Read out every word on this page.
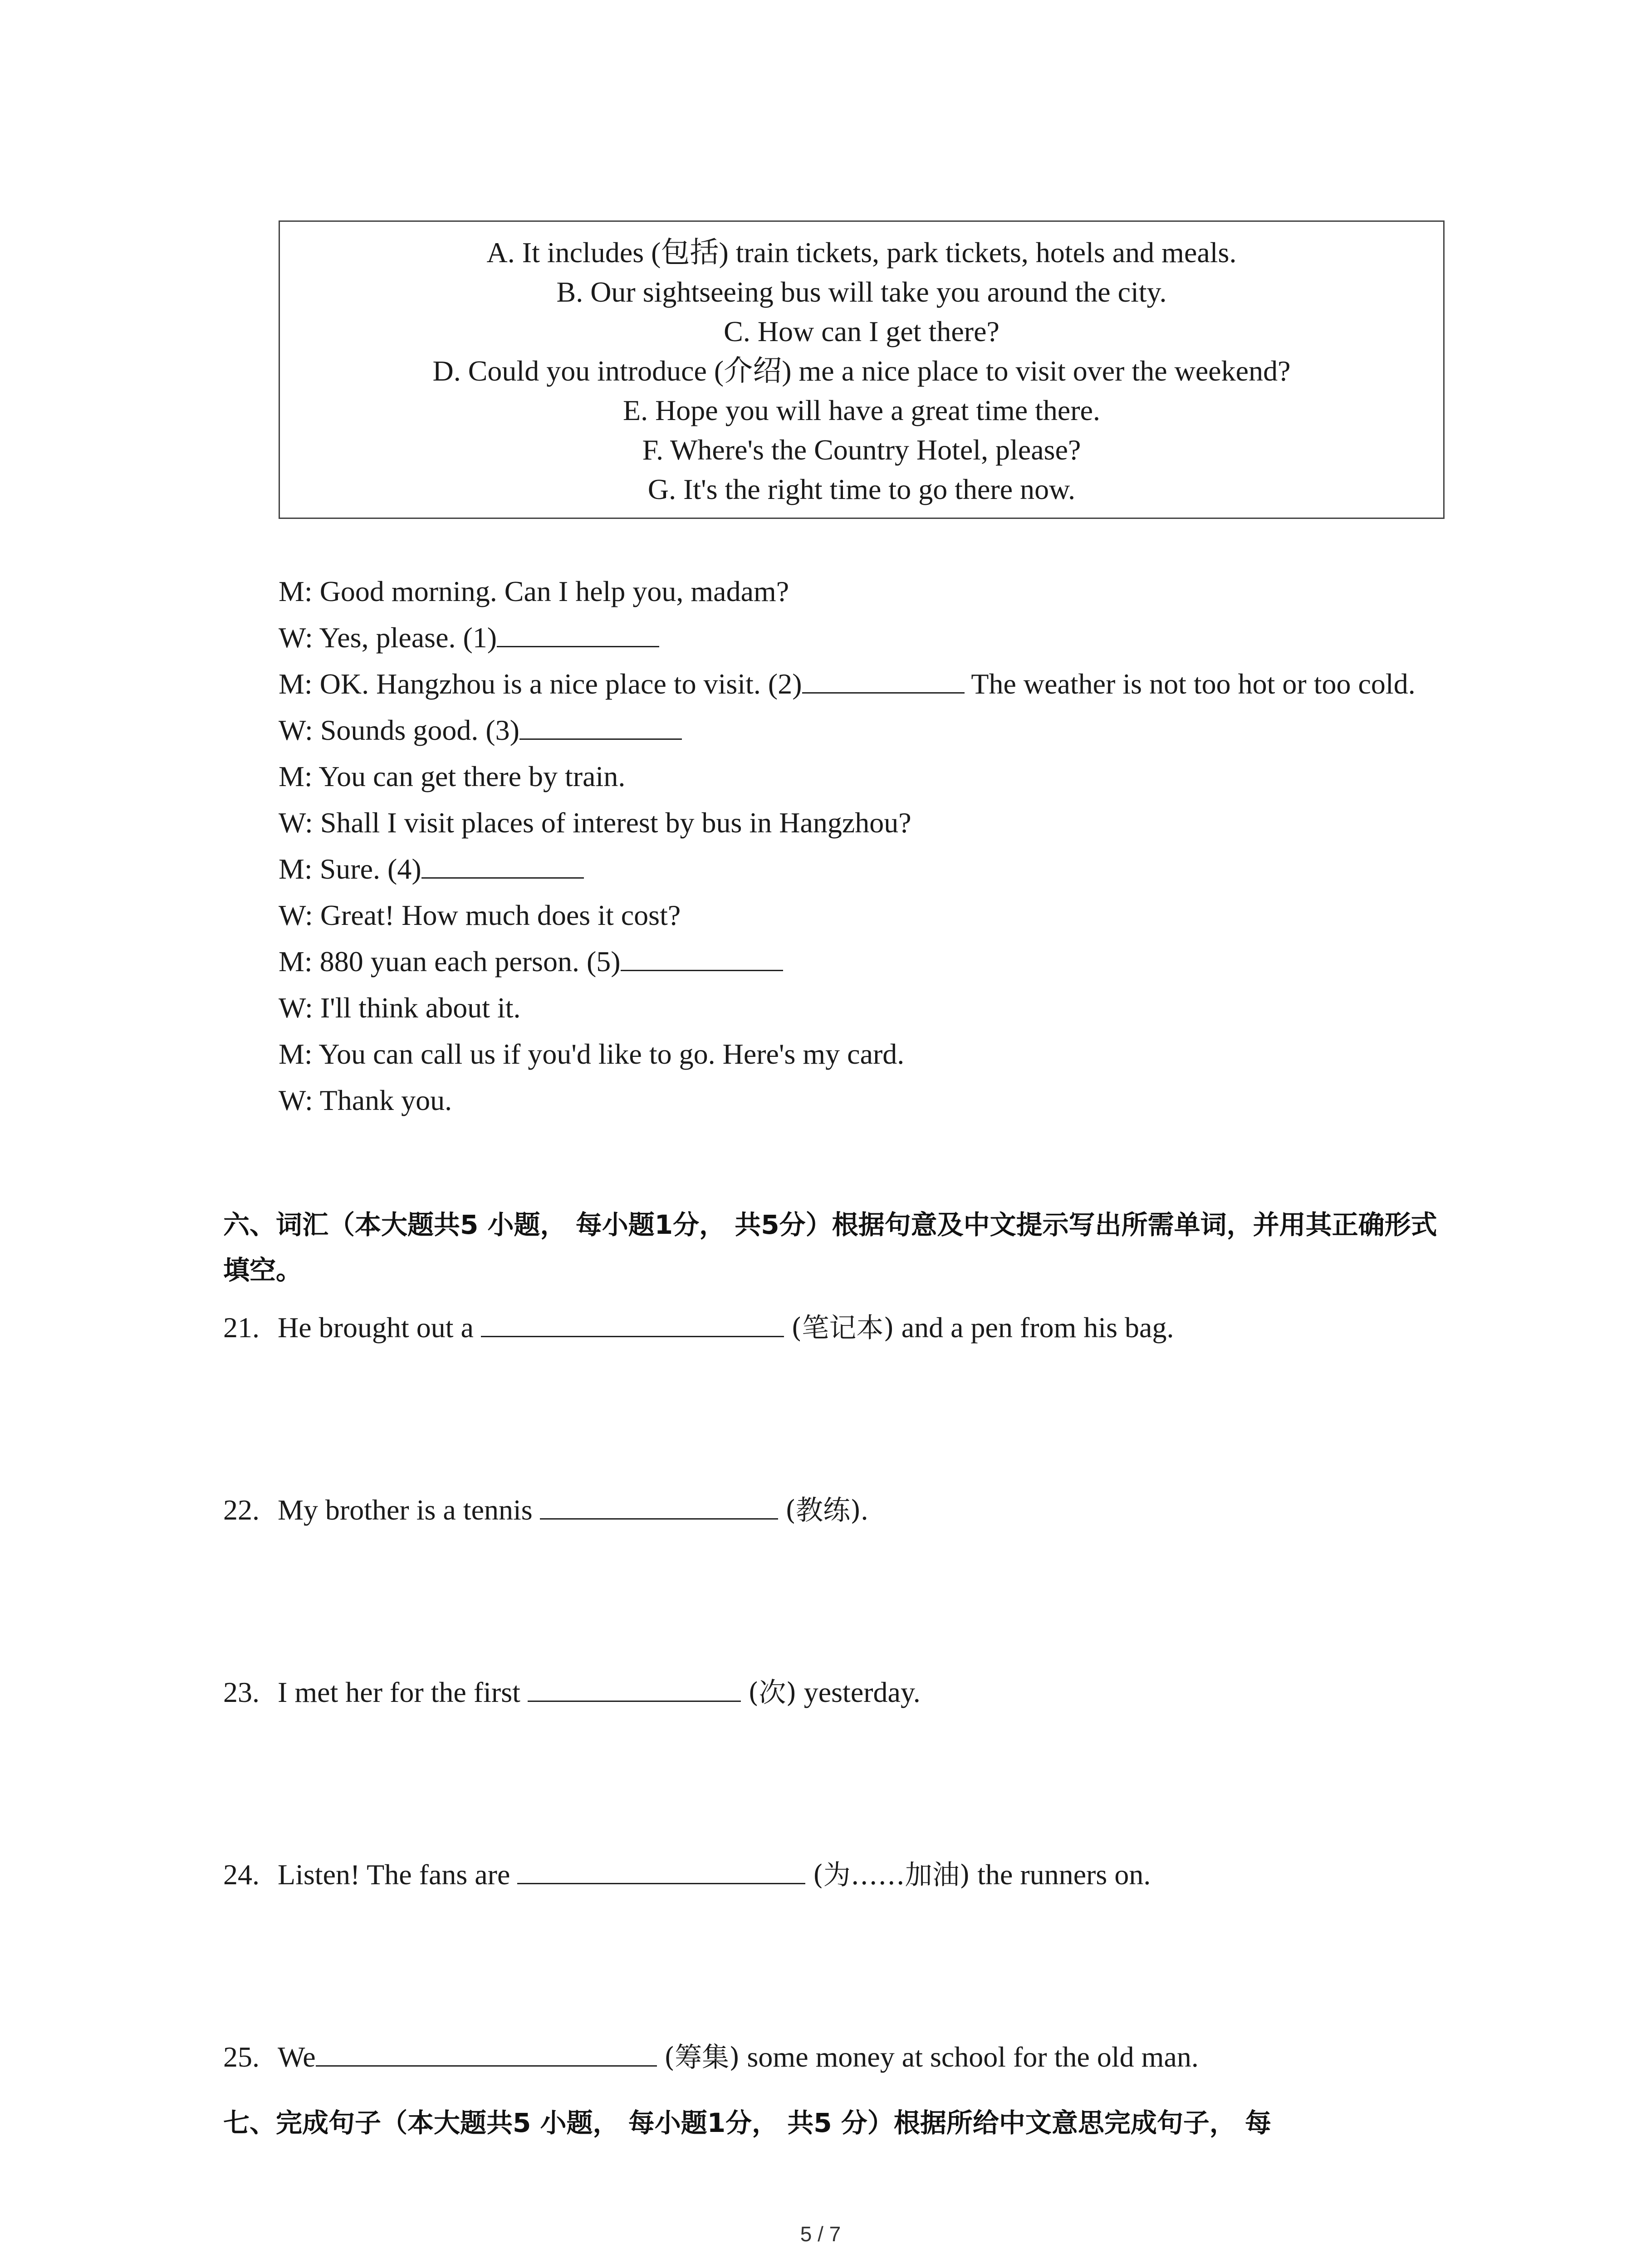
A. It includes (包括) train tickets, park tickets, hotels and meals.
B. Our sightseeing bus will take you around the city.
C. How can I get there?
D. Could you introduce (介绍) me a nice place to visit over the weekend?
E. Hope you will have a great time there.
F. Where's the Country Hotel, please?
G. It's the right time to go there now.
M: Good morning. Can I help you, madam?
W: Yes, please. (1)
M: OK. Hangzhou is a nice place to visit. (2)	The weather is not too hot or too cold.
W: Sounds good. (3)
M: You can get there by train.
W: Shall I visit places of interest by bus in Hangzhou?
M: Sure. (4)
W: Great! How much does it cost?
M: 880 yuan each person. (5)
W: I'll think about it.
M: You can call us if you'd like to go. Here's my card.
W: Thank you.
六、词汇（本大题共5 小题， 每小题1分， 共5分）根据句意及中文提示写出所需单词，并用其正确形式填空。
21. He brought out a	(笔记本) and a pen from his bag.
22. My brother is a tennis	(教练).
23. I met her for the first	(次) yesterday.
24. Listen! The fans are	(为……加油) the runners on.
25. We	(筹集) some money at school for the old man.
七、完成句子（本大题共5 小题， 每小题1分， 共5 分）根据所给中文意思完成句子， 每
5 / 7
